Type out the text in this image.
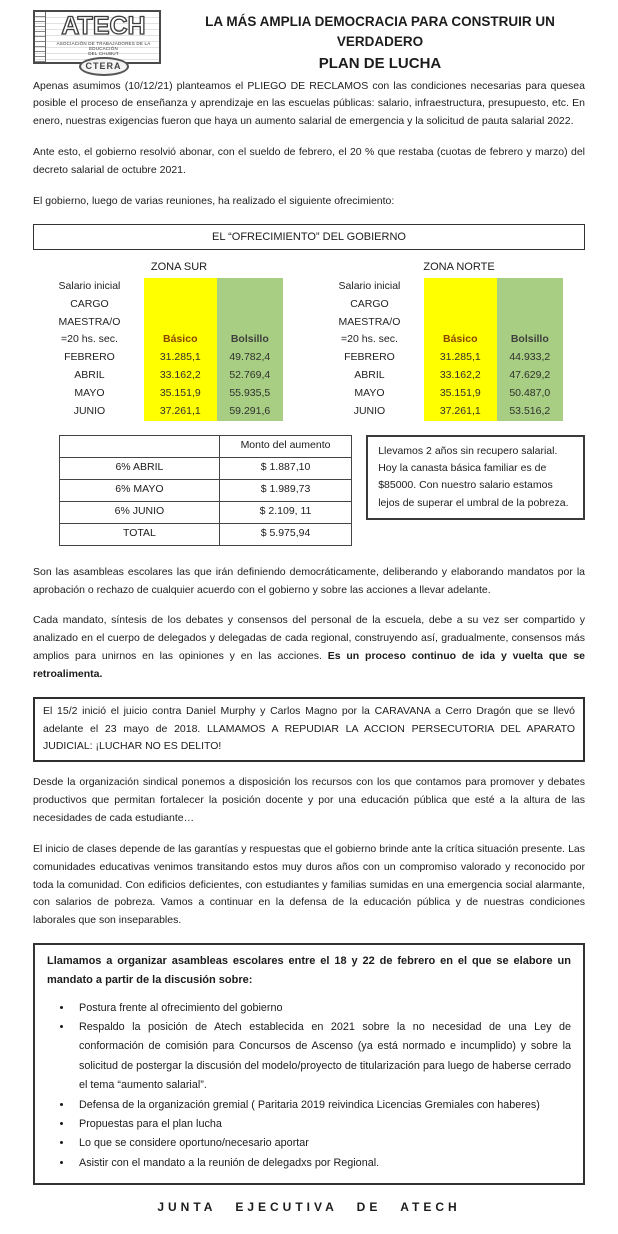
ATECH
ASOCIACIÓN DE TRABAJADORES DE LA EDUCACIÓN
DEL CHUBUT
CTERA
LA MÁS AMPLIA DEMOCRACIA PARA CONSTRUIR UN VERDADERO
PLAN DE LUCHA

Apenas asumimos (10/12/21) planteamos el PLIEGO DE RECLAMOS con las condiciones necesarias para quesea posible el proceso de enseñanza y aprendizaje en las escuelas públicas: salario, infraestructura, presupuesto, etc. En enero, nuestras exigencias fueron que haya un aumento salarial de emergencia y la solicitud de pauta salarial 2022.

Ante esto, el gobierno resolvió abonar, con el sueldo de febrero, el 20 % que restaba (cuotas de febrero y marzo) del decreto salarial de octubre 2021.

El gobierno, luego de varias reuniones, ha realizado el siguiente ofrecimiento:

EL “OFRECIMIENTO” DEL GOBIERNO
ZONA SUR
Salario inicial		
CARGO		
MAESTRA/O		
=20 hs. sec.	Básico	Bolsillo
FEBRERO	31.285,1	49.782,4
ABRIL	33.162,2	52.769,4
MAYO	35.151,9	55.935,5
JUNIO	37.261,1	59.291,6
ZONA NORTE
Salario inicial		
CARGO		
MAESTRA/O		
=20 hs. sec.	Básico	Bolsillo
FEBRERO	31.285,1	44.933,2
ABRIL	33.162,2	47.629,2
MAYO	35.151,9	50.487,0
JUNIO	37.261,1	53.516,2
	Monto del aumento
6% ABRIL	$ 1.887,10
6% MAYO	$ 1.989,73
6% JUNIO	$ 2.109, 11
TOTAL	$ 5.975,94
Llevamos 2 años sin recupero salarial. Hoy la canasta básica familiar es de $85000. Con nuestro salario estamos lejos de superar el umbral de la pobreza.

Son las asambleas escolares las que irán definiendo democráticamente, deliberando y elaborando mandatos por la aprobación o rechazo de cualquier acuerdo con el gobierno y sobre las acciones a llevar adelante.

Cada mandato, síntesis de los debates y consensos del personal de la escuela, debe a su vez ser compartido y analizado en el cuerpo de delegados y delegadas de cada regional, construyendo así, gradualmente, consensos más amplios para unirnos en las opiniones y en las acciones. Es un proceso continuo de ida y vuelta que se retroalimenta.

El 15/2 inició el juicio contra Daniel Murphy y Carlos Magno por la CARAVANA a Cerro Dragón que se llevó adelante el 23 mayo de 2018. LLAMAMOS A REPUDIAR LA ACCION PERSECUTORIA DEL APARATO JUDICIAL: ¡LUCHAR NO ES DELITO!

Desde la organización sindical ponemos a disposición los recursos con los que contamos para promover y debates productivos que permitan fortalecer la posición docente y por una educación pública que esté a la altura de las necesidades de cada estudiante…

El inicio de clases depende de las garantías y respuestas que el gobierno brinde ante la crítica situación presente. Las comunidades educativas venimos transitando estos muy duros años con un compromiso valorado y reconocido por toda la comunidad. Con edificios deficientes, con estudiantes y familias sumidas en una emergencia social alarmante, con salarios de pobreza. Vamos a continuar en la defensa de la educación pública y de nuestras condiciones laborales que son inseparables.

Llamamos a organizar asambleas escolares entre el 18 y 22 de febrero en el que se elabore un mandato a partir de la discusión sobre:
• Postura frente al ofrecimiento del gobierno
• Respaldo la posición de Atech establecida en 2021 sobre la no necesidad de una Ley de conformación de comisión para Concursos de Ascenso (ya está normado e incumplido) y sobre la solicitud de postergar la discusión del modelo/proyecto de titularización para luego de haberse cerrado el tema “aumento salarial”.
• Defensa de la organización gremial ( Paritaria 2019 reivindica Licencias Gremiales con haberes)
• Propuestas para el plan lucha
• Lo que se considere oportuno/necesario aportar
• Asistir con el mandato a la reunión de delegadxs por Regional.
JUNTA EJECUTIVA DE ATECH
